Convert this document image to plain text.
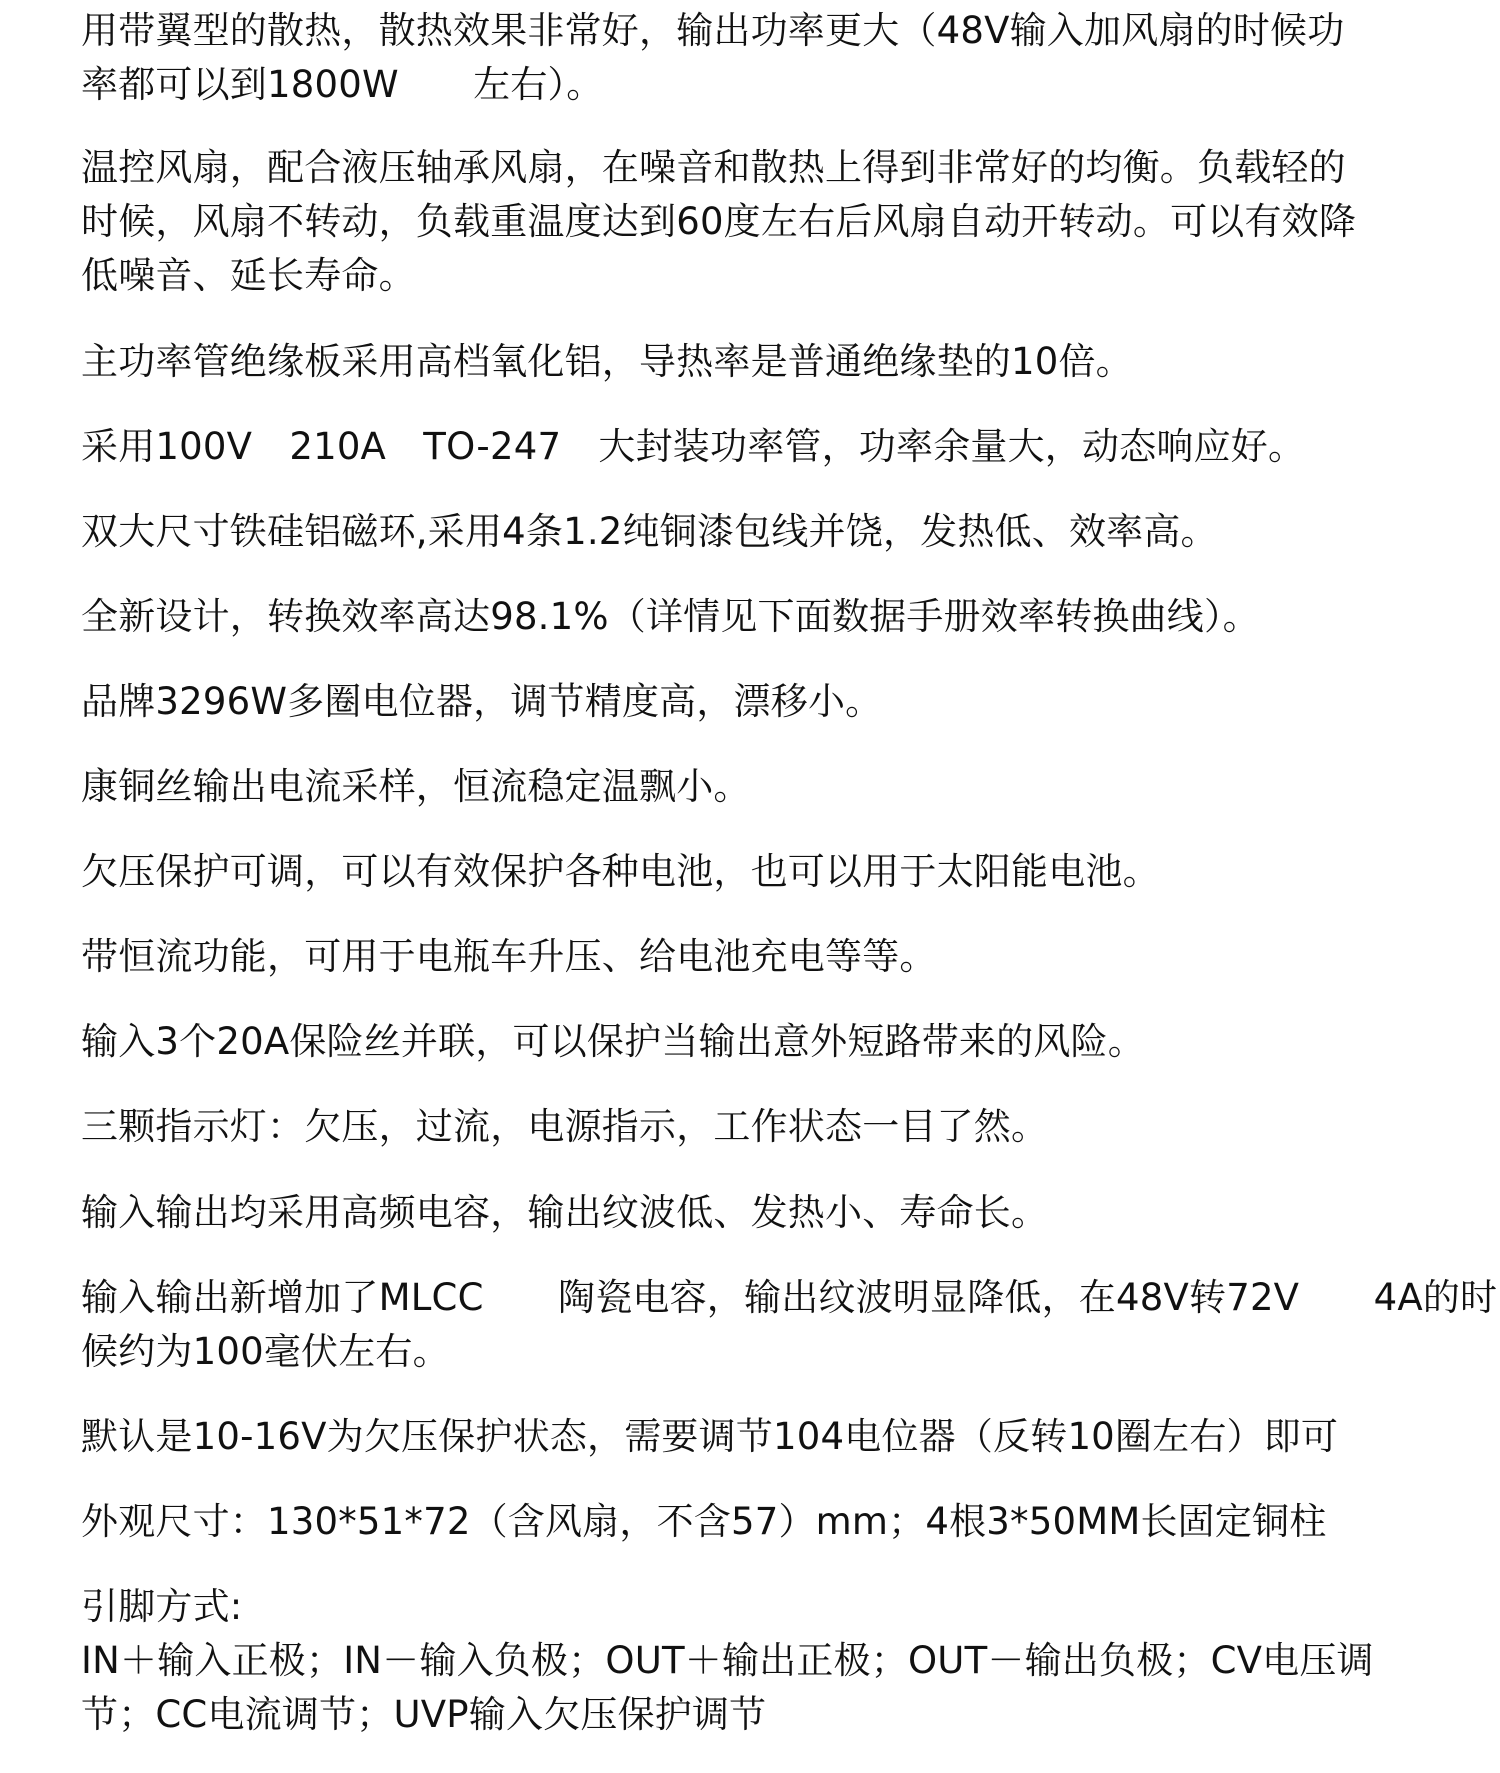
用带翼型的散热，散热效果非常好，输出功率更大（48V输入加风扇的时候功
率都可以到1800W　　左右）。

温控风扇，配合液压轴承风扇，在噪音和散热上得到非常好的均衡。负载轻的
时候，风扇不转动，负载重温度达到60度左右后风扇自动开转动。可以有效降
低噪音、延长寿命。

主功率管绝缘板采用高档氧化铝，导热率是普通绝缘垫的10倍。

采用100V　210A　TO-247　大封装功率管，功率余量大，动态响应好。

双大尺寸铁硅铝磁环,采用4条1.2纯铜漆包线并饶，发热低、效率高。

全新设计，转换效率高达98.1%（详情见下面数据手册效率转换曲线）。

品牌3296W多圈电位器，调节精度高，漂移小。

康铜丝输出电流采样，恒流稳定温飘小。

欠压保护可调，可以有效保护各种电池，也可以用于太阳能电池。

带恒流功能，可用于电瓶车升压、给电池充电等等。

输入3个20A保险丝并联，可以保护当输出意外短路带来的风险。

三颗指示灯：欠压，过流，电源指示，工作状态一目了然。

输入输出均采用高频电容，输出纹波低、发热小、寿命长。

输入输出新增加了MLCC　　陶瓷电容，输出纹波明显降低，在48V转72V　　4A的时
候约为100毫伏左右。

默认是10-16V为欠压保护状态，需要调节104电位器（反转10圈左右）即可

外观尺寸：130*51*72（含风扇，不含57）mm；4根3*50MM长固定铜柱

引脚方式:
IN＋输入正极；IN－输入负极；OUT＋输出正极；OUT－输出负极；CV电压调
节；CC电流调节；UVP输入欠压保护调节
